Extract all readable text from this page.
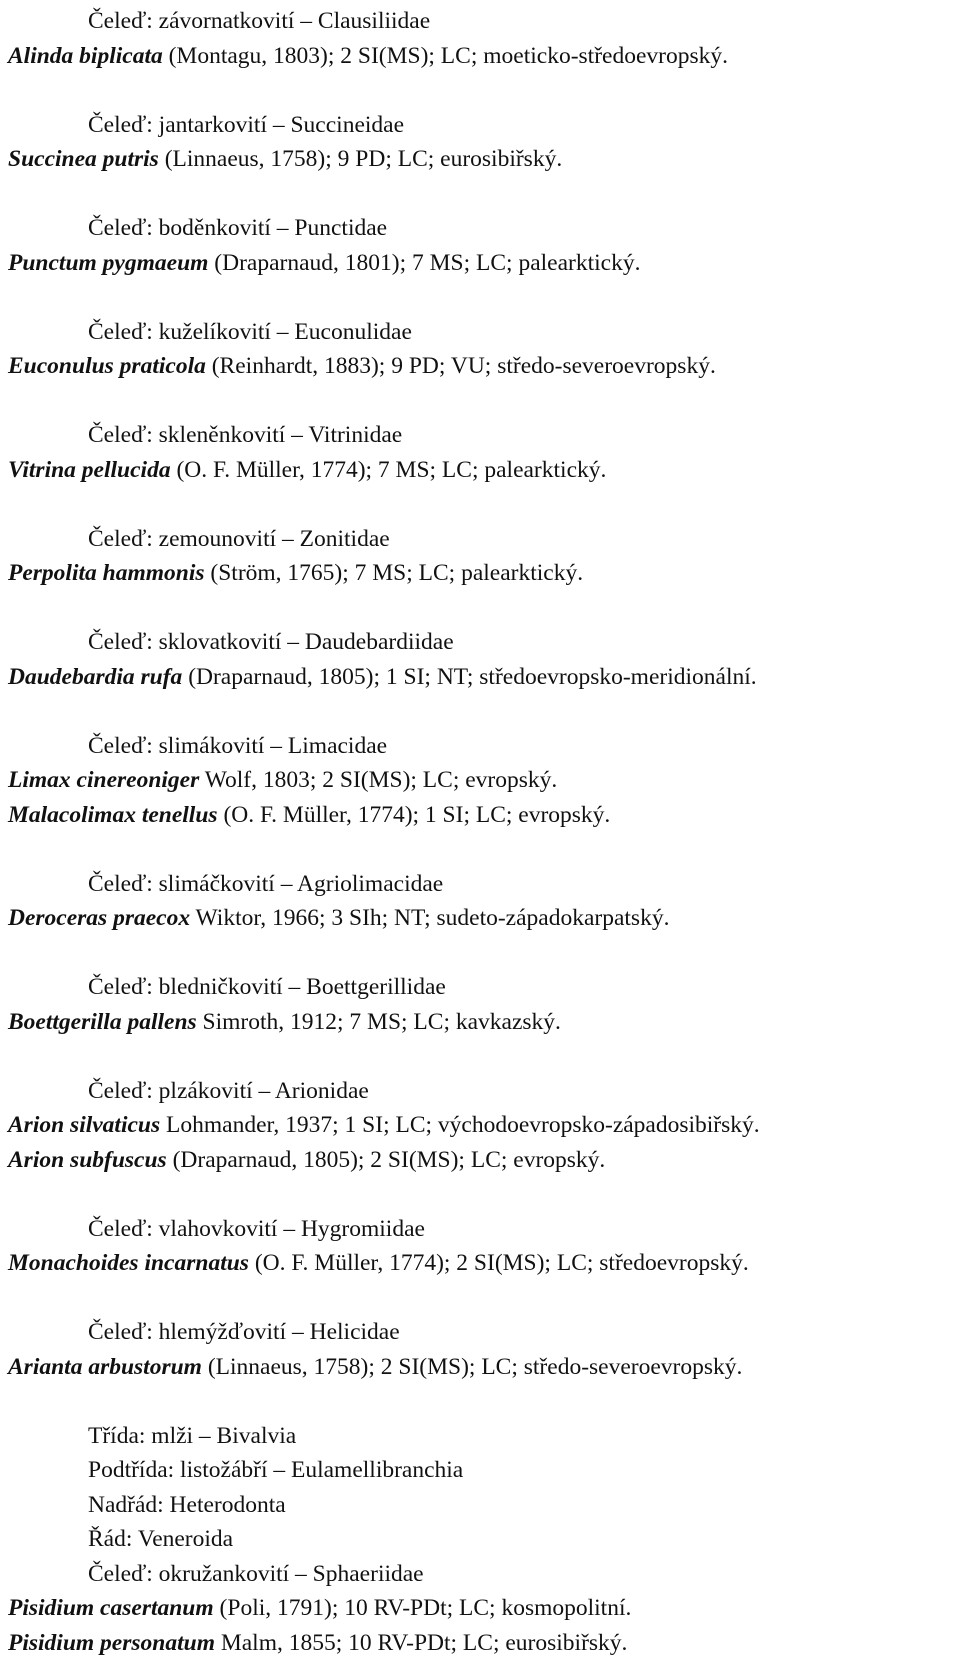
Čeleď: závornatkovití – Clausiliidae
Alinda biplicata (Montagu, 1803); 2 SI(MS); LC; moeticko-středoevropský.
Čeleď: jantarkovití – Succineidae
Succinea putris (Linnaeus, 1758); 9 PD; LC; eurosibiřský.
Čeleď: boděnkovití – Punctidae
Punctum pygmaeum (Draparnaud, 1801); 7 MS; LC; palearktický.
Čeleď: kuželíkovití – Euconulidae
Euconulus praticola (Reinhardt, 1883); 9 PD; VU; středo-severoevropský.
Čeleď: skleněnkovití – Vitrinidae
Vitrina pellucida (O. F. Müller, 1774); 7 MS; LC; palearktický.
Čeleď: zemounovití – Zonitidae
Perpolita hammonis (Ström, 1765); 7 MS; LC; palearktický.
Čeleď: sklovatkovití – Daudebardiidae
Daudebardia rufa (Draparnaud, 1805); 1 SI; NT; středoevropsko-meridionální.
Čeleď: slimákovití – Limacidae
Limax cinereoniger Wolf, 1803; 2 SI(MS); LC; evropský.
Malacolimax tenellus (O. F. Müller, 1774); 1 SI; LC; evropský.
Čeleď: slimáčkovití – Agriolimacidae
Deroceras praecox Wiktor, 1966; 3 SIh; NT; sudeto-západokarpatský.
Čeleď: bledničkovití – Boettgerillidae
Boettgerilla pallens Simroth, 1912; 7 MS; LC; kavkazský.
Čeleď: plzákovití – Arionidae
Arion silvaticus Lohmander, 1937; 1 SI; LC; východoevropsko-západosibiřský.
Arion subfuscus (Draparnaud, 1805); 2 SI(MS); LC; evropský.
Čeleď: vlahovkovití – Hygromiidae
Monachoides incarnatus (O. F. Müller, 1774); 2 SI(MS); LC; středoevropský.
Čeleď: hlemýžďovití – Helicidae
Arianta arbustorum (Linnaeus, 1758); 2 SI(MS); LC; středo-severoevropský.
Třída: mlži – Bivalvia
Podtřída: listožábří – Eulamellibranchia
Nadřád: Heterodonta
Řád: Veneroida
Čeleď: okružankovití – Sphaeriidae
Pisidium casertanum (Poli, 1791); 10 RV-PDt; LC; kosmopolitní.
Pisidium personatum Malm, 1855; 10 RV-PDt; LC; eurosibiřský.
